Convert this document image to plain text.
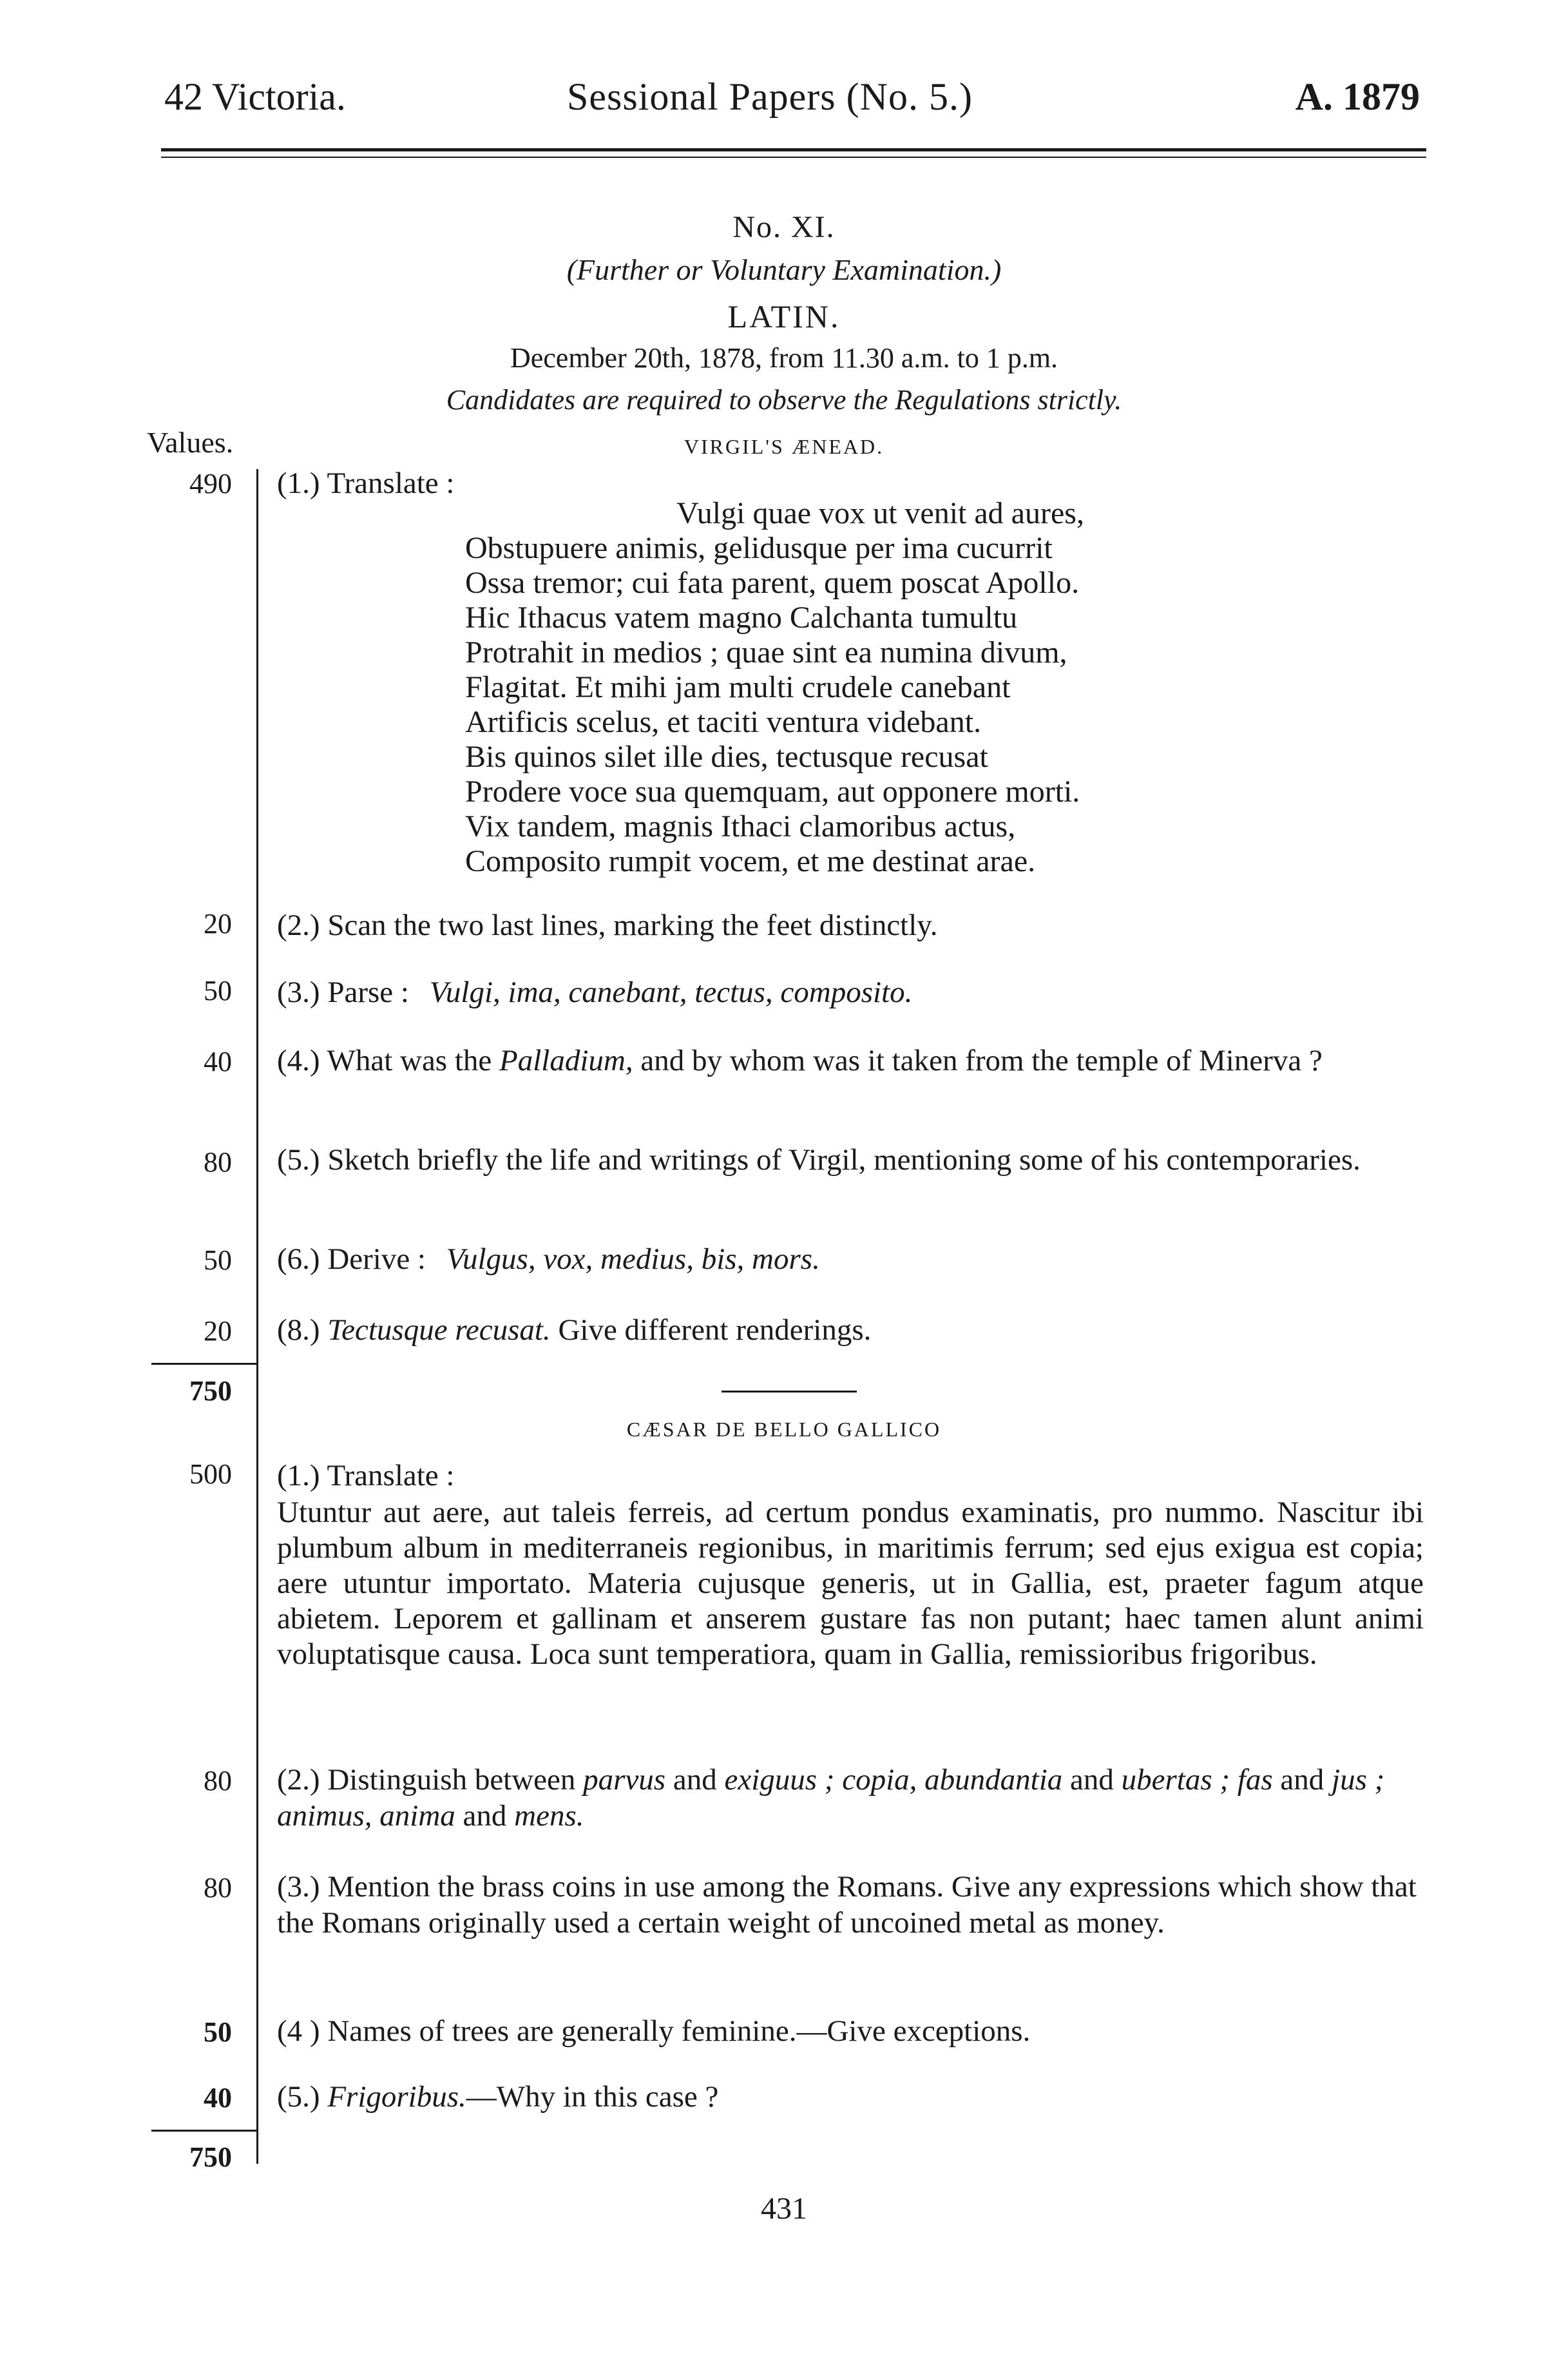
42 Victoria.	Sessional Papers (No. 5.)	A. 1879
No. XI.
(Further or Voluntary Examination.)
LATIN.
December 20th, 1878, from 11.30 a.m. to 1 p.m.
Candidates are required to observe the Regulations strictly.
Values.	VIRGIL'S ÆNEAD.
490 (1.) Translate :
Vulgi quae vox ut venit ad aures,
Obstupuere animis, gelidusque per ima cucurrit
Ossa tremor; cui fata parent, quem poscat Apollo.
Hic Ithacus vatem magno Calchanta tumultu
Protrahit in medios ; quae sint ea numina divum,
Flagitat. Et mihi jam multi crudele canebant
Artificis scelus, et taciti ventura videbant.
Bis quinos silet ille dies, tectusque recusat
Prodere voce sua quemquam, aut opponere morti.
Vix tandem, magnis Ithaci clamoribus actus,
Composito rumpit vocem, et me destinat arae.
20 (2.) Scan the two last lines, marking the feet distinctly.
50 (3.) Parse : Vulgi, ima, canebant, tectus, composito.
40 (4.) What was the Palladium, and by whom was it taken from the temple of Minerva ?
80 (5.) Sketch briefly the life and writings of Virgil, mentioning some of his contemporaries.
50 (6.) Derive : Vulgus, vox, medius, bis, mors.
20 (8.) Tectusque recusat. Give different renderings.
750
CÆSAR DE BELLO GALLICO
500 (1.) Translate :
Utuntur aut aere, aut taleis ferreis, ad certum pondus examinatis, pro nummo. Nascitur ibi plumbum album in mediterraneis regionibus, in maritimis ferrum; sed ejus exigua est copia; aere utuntur importato. Materia cujusque generis, ut in Gallia, est, praeter fagum atque abietem. Leporem et gallinam et anserem gustare fas non putant; haec tamen alunt animi voluptatisque causa. Loca sunt temperatiora, quam in Gallia, remissioribus frigoribus.
80 (2.) Distinguish between parvus and exiguus ; copia, abundantia and ubertas ; fas and jus ; animus, anima and mens.
80 (3.) Mention the brass coins in use among the Romans. Give any expressions which show that the Romans originally used a certain weight of uncoined metal as money.
50 (4 ) Names of trees are generally feminine.—Give exceptions.
40 (5.) Frigoribus.—Why in this case ?
750
431
